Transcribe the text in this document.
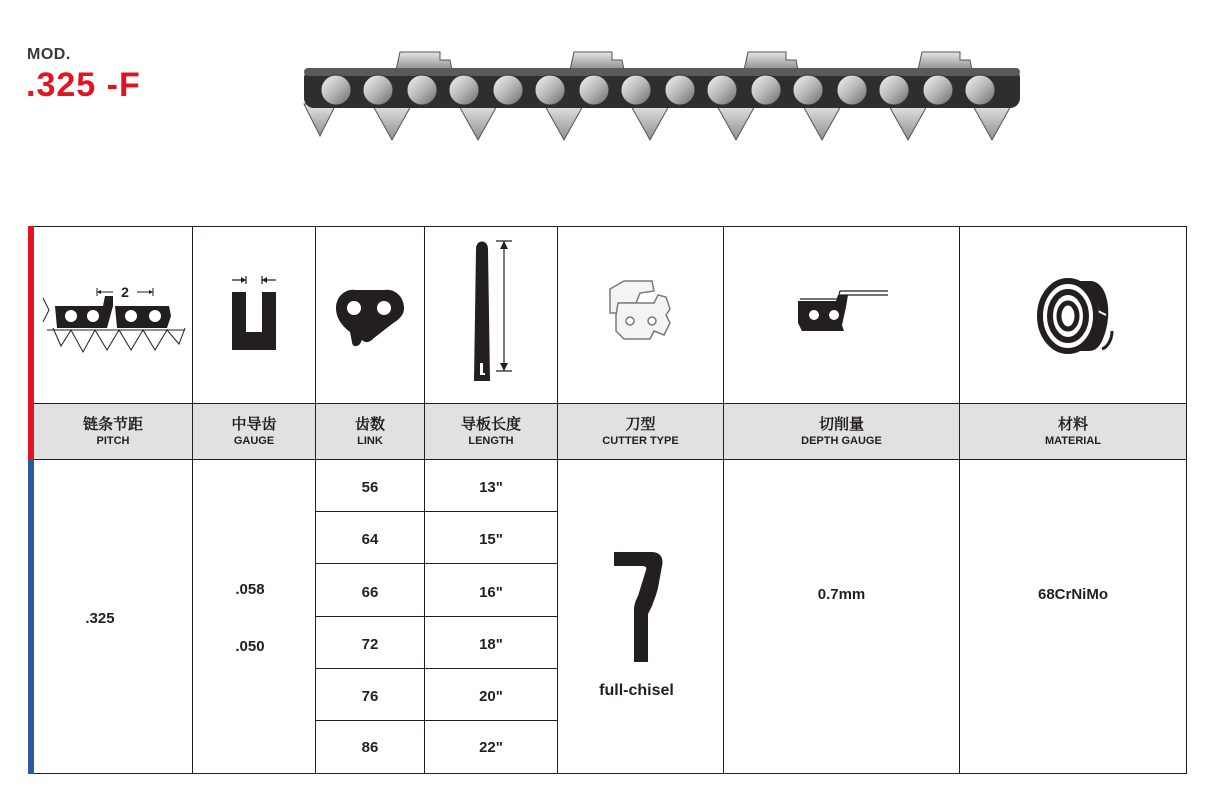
MOD.
.325 -F
2
链条节距
PITCH
中导齿
GAUGE
齿数
LINK
导板长度
LENGTH
刀型
CUTTER TYPE
切削量
DEPTH GAUGE
材料
MATERIAL
.325
.058
.050
56
64
66
72
76
86
13"
15"
16"
18"
20"
22"
full-chisel
0.7mm	68CrNiMo
